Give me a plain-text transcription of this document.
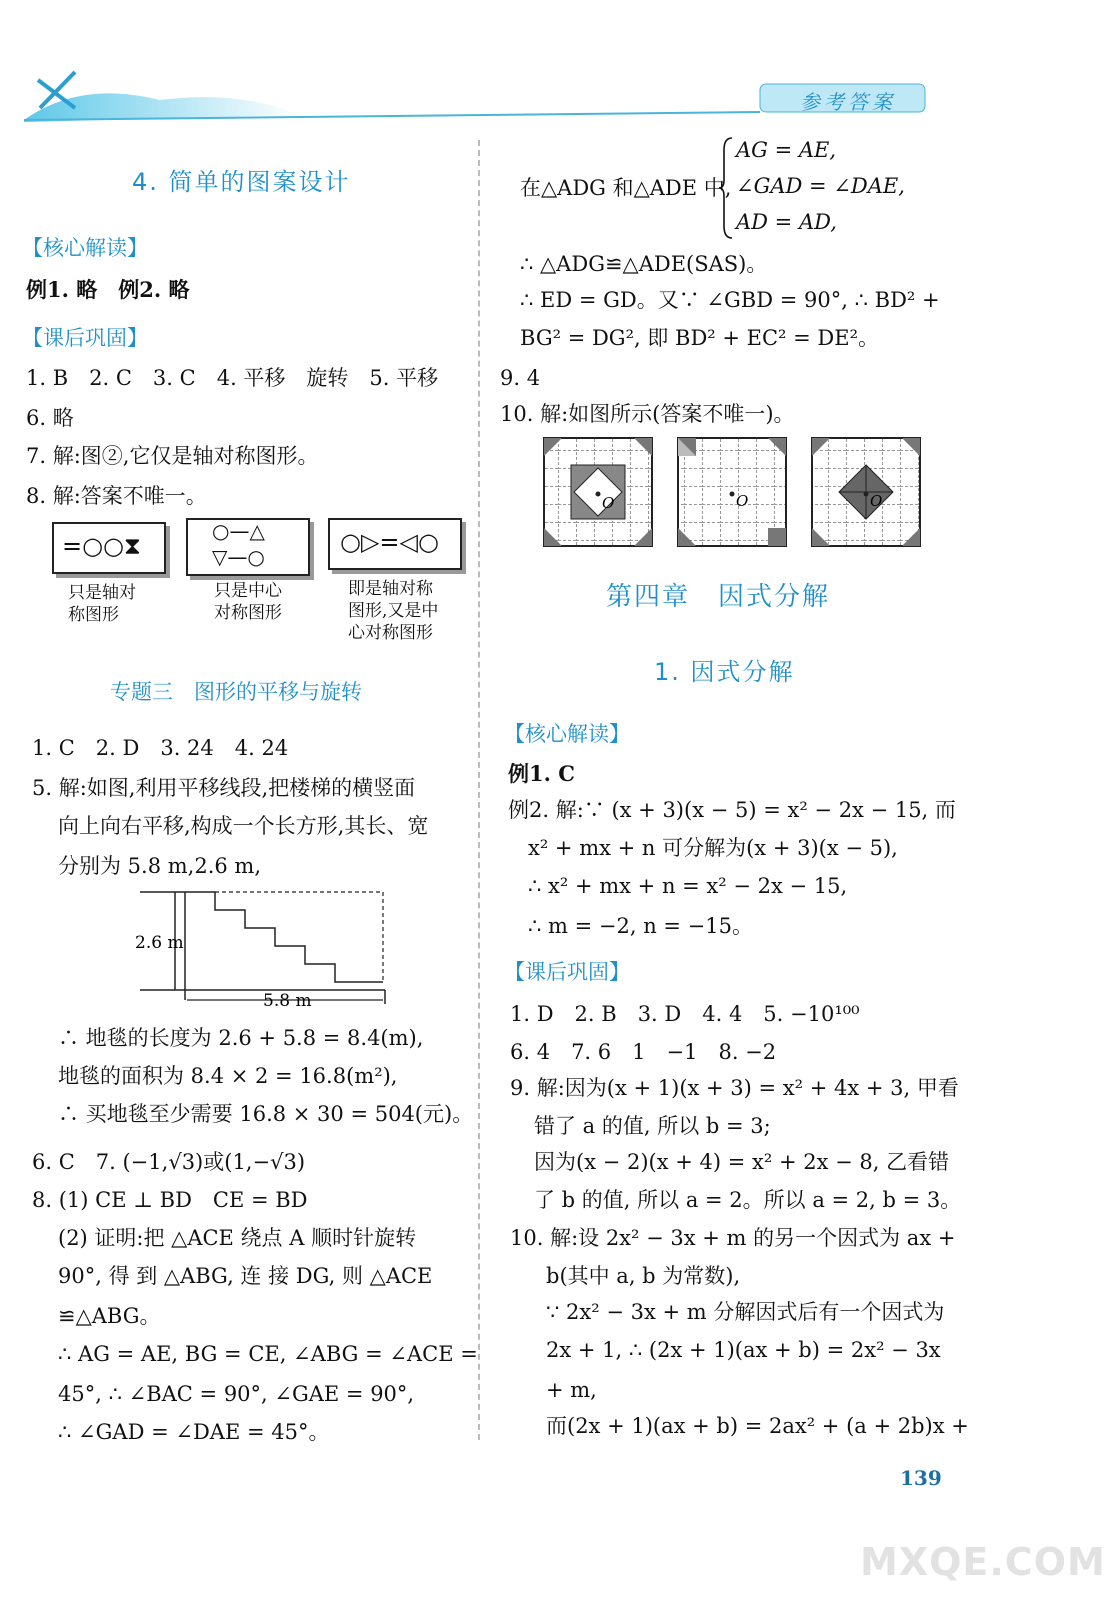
参考答案
4. 简单的图案设计
【核心解读】
例1. 略　例2. 略
【课后巩固】
1. B　2. C　3. C　4. 平移　旋转　5. 平移
6. 略
7. 解:图②,它仅是轴对称图形。
8. 解:答案不唯一。
=○○⧗
○—△
▽—○
○▷=◁○
只是轴对
称图形
只是中心
对称图形
即是轴对称
图形,又是中
心对称图形
专题三　图形的平移与旋转
1. C　2. D　3. 24　4. 24
5. 解:如图,利用平移线段,把楼梯的横竖面
向上向右平移,构成一个长方形,其长、宽
分别为 5.8 m,2.6 m,
2.6 m
5.8 m
∴ 地毯的长度为 2.6 + 5.8 = 8.4(m),
地毯的面积为 8.4 × 2 = 16.8(m²),
∴ 买地毯至少需要 16.8 × 30 = 504(元)。
6. C　7. (−1,√3)或(1,−√3)
8. (1) CE ⊥ BD　CE = BD
(2) 证明:把 △ACE 绕点 A 顺时针旋转
90°, 得 到 △ABG, 连 接 DG, 则 △ACE
≌△ABG。
∴ AG = AE, BG = CE, ∠ABG = ∠ACE =
45°, ∴ ∠BAC = 90°, ∠GAE = 90°,
∴ ∠GAD = ∠DAE = 45°。
在△ADG 和△ADE 中,
AG = AE,
∠GAD = ∠DAE,
AD = AD,
∴ △ADG≌△ADE(SAS)。
∴ ED = GD。又∵ ∠GBD = 90°, ∴ BD² +
BG² = DG², 即 BD² + EC² = DE²。
9. 4
10. 解:如图所示(答案不唯一)。
O	O	O
第四章　因式分解
1. 因式分解
【核心解读】
例1. C
例2. 解:∵ (x + 3)(x − 5) = x² − 2x − 15, 而
x² + mx + n 可分解为(x + 3)(x − 5),
∴ x² + mx + n = x² − 2x − 15,
∴ m = −2, n = −15。
【课后巩固】
1. D　2. B　3. D　4. 4　5. −10¹⁰⁰
6. 4　7. 6　1　−1　8. −2
9. 解:因为(x + 1)(x + 3) = x² + 4x + 3, 甲看
错了 a 的值, 所以 b = 3;
因为(x − 2)(x + 4) = x² + 2x − 8, 乙看错
了 b 的值, 所以 a = 2。所以 a = 2, b = 3。
10. 解:设 2x² − 3x + m 的另一个因式为 ax +
b(其中 a, b 为常数),
∵ 2x² − 3x + m 分解因式后有一个因式为
2x + 1, ∴ (2x + 1)(ax + b) = 2x² − 3x
+ m,
而(2x + 1)(ax + b) = 2ax² + (a + 2b)x +
139
MXQE.COM
